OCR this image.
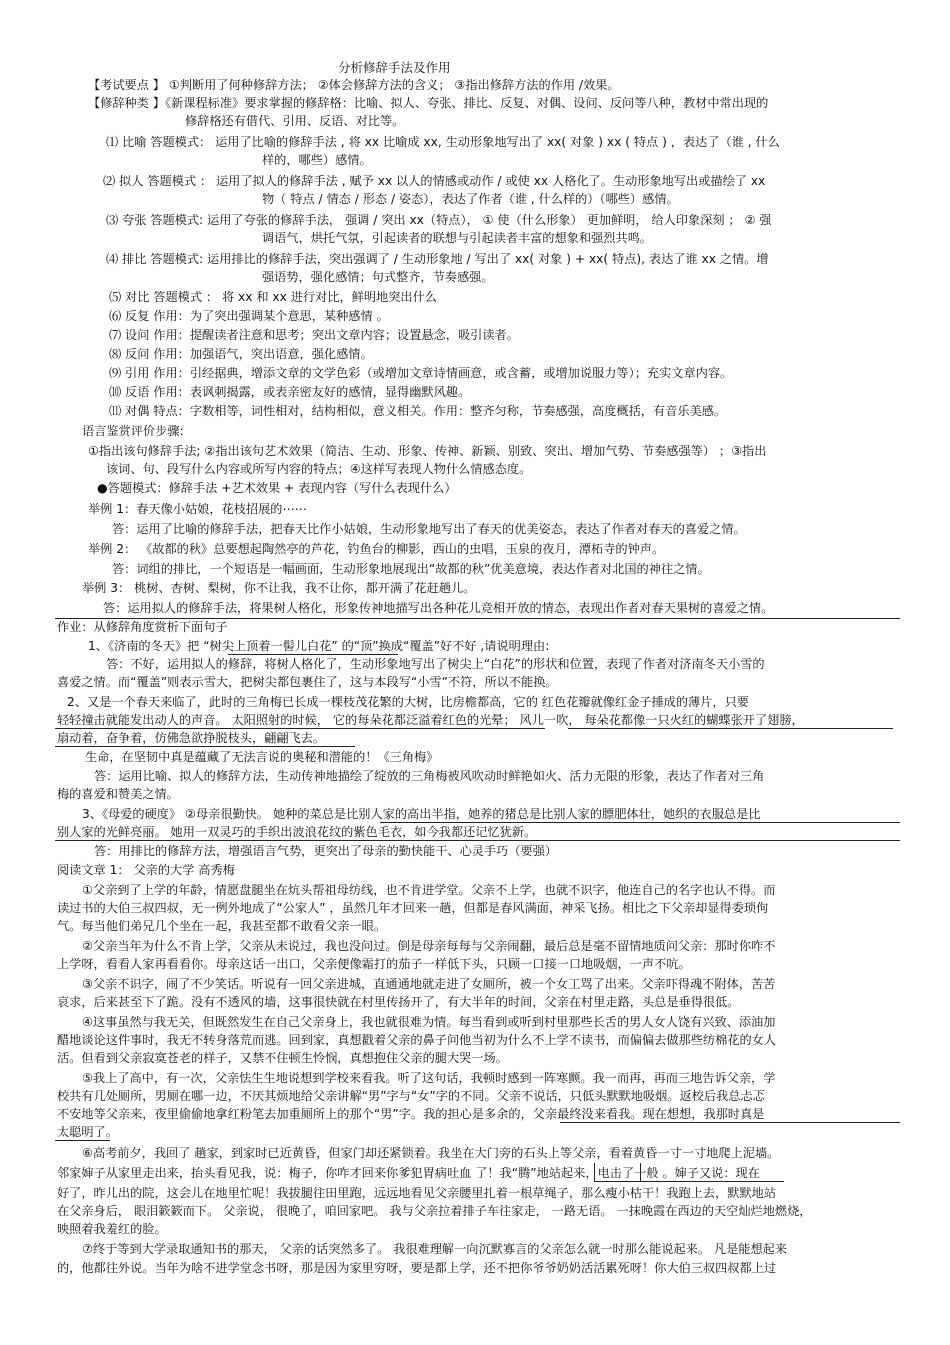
分析修辞手法及作用
【考试要点 】 ①判断用了何种修辞方法； ②体会修辞方法的含义； ③指出修辞方法的作用 /效果。
【修辞种类 】《新课程标准》要求掌握的修辞格：比喻、拟人、夸张、排比、反复、对偶、设问、反问等八种，教材中常出现的
修辞格还有借代、引用、反语、对比等。
⑴ 比喻 答题模式： 运用了比喻的修辞手法 , 将 xx 比喻成 xx, 生动形象地写出了 xx( 对象 ) xx ( 特点 ) ，表达了（谁 , 什么
样的，哪些）感情。
⑵ 拟人 答题模式 ： 运用了拟人的修辞手法 , 赋予 xx 以人的情感或动作 / 或使 xx 人格化了。生动形象地写出或描绘了 xx
物（ 特点 / 情态 / 形态 / 姿态），表达了作者（谁 , 什么样的）（哪些）感情。
⑶ 夸张 答题模式: 运用了夸张的修辞手法， 强调 / 突出 xx（特点）， ① 使（什么形象） 更加鲜明， 给人印象深刻 ； ② 强
调语气，烘托气氛，引起读者的联想与引起读者丰富的想象和强烈共鸣。
⑷ 排比 答题模式: 运用排比的修辞手法，突出强调了 / 生动形象地 / 写出了 xx( 对象 ) + xx( 特点), 表达了谁 xx 之情。增
强语势，强化感情；句式整齐，节奏感强。
⑸ 对比 答题模式 ： 将 xx 和 xx 进行对比，鲜明地突出什么
⑹ 反复 作用：为了突出强调某个意思，某种感情 。
⑺ 设问 作用：提醒读者注意和思考；突出文章内容；设置悬念，吸引读者。
⑻ 反问 作用：加强语气，突出语意，强化感情。
⑼ 引用 作用：引经据典，增添文章的文学色彩（或增加文章诗情画意，或含蓄，或增加说服力等）；充实文章内容。
⑽ 反语 作用：表讽刺揭露，或表亲密友好的感情，显得幽默风趣。
⑾ 对偶 特点：字数相等，词性相对，结构相似，意义相关。作用：整齐匀称，节奏感强，高度概括，有音乐美感。
语言鉴赏评价步骤:
①指出该句修辞手法; ②指出该句艺术效果（简洁、生动、形象、传神、新颖、别致、突出、增加气势、节奏感强等） ；③指出
该词、句、段写什么内容或所写内容的特点；④这样写表现人物什么情感态度。
●答题模式：修辞手法 +艺术效果 + 表现内容（写什么表现什么）
举例 1：春天像小姑娘，花枝招展的⋯⋯
答：运用了比喻的修辞手法，把春天比作小姑娘，生动形象地写出了春天的优美姿态，表达了作者对春天的喜爱之情。
举例 2： 《故都的秋》总要想起陶然亭的芦花，钓鱼台的柳影，西山的虫唱，玉泉的夜月，潭柘寺的钟声。
答：词组的排比，一个短语是一幅画面，生动形象地展现出“故都的秋”优美意境，表达作者对北国的神往之情。
举例 3： 桃树、杏树、梨树，你不让我，我不让你，都开满了花赶趟儿。
答：运用拟人的修辞手法，将果树人格化，形象传神地描写出各种花儿竞相开放的情态，表现出作者对春天果树的喜爱之情。
作业：从修辞角度赏析下面句子
1、《济南的冬天》把 “树尖上顶着一髻儿白花” 的“顶”换成“覆盖”好不好 ,请说明理由:
答：不好，运用拟人的修辞，将树人格化了，生动形象地写出了树尖上“白花”的形状和位置，表现了作者对济南冬天小雪的
喜爱之情。而“覆盖”则表示雪大，把树尖都包裹住了，这与本段写“小雪”不符，所以不能换。
2、又是一个春天来临了，此时的三角梅已长成一棵枝茂花繁的大树，比房檐都高，它的 红色花瓣就像红金子捶成的薄片，只要
轻轻撞击就能发出动人的声音。 太阳照射的时候， 它的每朵花都泛溢着红色的光晕； 风儿一吹， 每朵花都像一只火红的蝴蝶张开了翅膀，
扇动着，奋争着，仿佛急欲挣脱枝头，翩翩飞去。
生命，在坚韧中真是蕴藏了无法言说的奥秘和潜能的！《三角梅》
答：运用比喻、拟人的修辞方法，生动传神地描绘了绽放的三角梅被风吹动时鲜艳如火、活力无限的形象，表达了作者对三角
梅的喜爱和赞美之情。
3、《母爱的硬度》 ②母亲很勤快。 她种的菜总是比别人家的高出半指，她养的猪总是比别人家的膘肥体壮，她织的衣服总是比
别人家的光鲜亮丽。 她用一双灵巧的手织出波浪花纹的紫色毛衣，如今我都还记忆犹新。
答：用排比的修辞方法，增强语言气势，更突出了母亲的勤快能干、心灵手巧（要强）
阅读文章 1： 父亲的大学 高秀梅
①父亲到了上学的年龄，情愿盘腿坐在炕头帮祖母纺线，也不肯进学堂。父亲不上学，也就不识字，他连自己的名字也认不得。而
读过书的大伯三叔四叔，无一例外地成了“公家人” ，虽然几年才回来一趟，但都是春风满面，神采飞扬。相比之下父亲却显得委琐佝
气。每当他们弟兄几个坐在一起，我甚至都不敢看父亲一眼。
②父亲当年为什么不肯上学，父亲从未说过，我也没问过。倒是母亲每每与父亲闹翻，最后总是毫不留情地质问父亲：那时你咋不
上学呀，看看人家再看看你。母亲这话一出口，父亲便像霜打的茄子一样低下头，只顾一口接一口地吸烟，一声不吭。
③父亲不识字，闹了不少笑话。听说有一回父亲进城，直通通地就走进了女厕所，被一个女工骂了出来。父亲吓得魂不附体，苦苦
哀求，后来甚至下了跪。没有不透风的墙，这事很快就在村里传扬开了，有大半年的时间，父亲在村里走路，头总是垂得很低。
④这事虽然与我无关，但既然发生在自己父亲身上，我也就很难为情。每当看到或听到村里那些长舌的男人女人饶有兴致、添油加
醋地谈论这件事时，我无不转身落荒而逃。回到家，真想戳着父亲的鼻子问他当初为什么不上学不读书，而偏偏去做那些纺棉花的女人
活。但看到父亲寂寞苍老的样子，又禁不住顿生怜悯，真想抱住父亲的腿大哭一场。
⑤我上了高中，有一次，父亲怯生生地说想到学校来看我。听了这句话，我顿时感到一阵寒颤。我一而再，再而三地告诉父亲，学
校共有几处厕所，男厕在哪一边，不厌其烦地给父亲讲解“男”字与“女”字的不同。父亲不说话，只低头默默地吸烟。返校后我总忐忑
不安地等父亲来，夜里偷偷地拿红粉笔去加重厕所上的那个“男”字。我的担心是多余的，父亲最终没来看我。现在想想，我那时真是
太聪明了。
⑥高考前夕，我回了 趟家，到家时已近黄昏，但家门却还紧锁着。我坐在大门旁的石头上等父亲，看着黄昏一寸一寸地爬上泥墙。
邻家婶子从家里走出来，抬头看见我，说：梅子，你咋才回来你爹犯胃病吐血 了！我“腾”地站起来，电击了一般 。婶子又说：现在
好了，昨儿出的院，这会儿在地里忙呢！我拔腿往田里跑，远远地看见父亲腰里扎着一根草绳子，那么瘦小枯干！我跑上去，默默地站
在父亲身后， 眼泪簌簌而下。 父亲说， 很晚了，咱回家吧。 我与父亲拉着排子车往家走， 一路无语。 一抹晚霞在西边的天空灿烂地燃烧，
映照着我羞红的脸。
⑦终于等到大学录取通知书的那天， 父亲的话突然多了。 我很难理解一向沉默寡言的父亲怎么就一时那么能说起来。 凡是能想起来
的，他都往外说。当年为啥不进学堂念书呀，那是因为家里穷呀，要是都上学，还不把你爷爷奶奶活活累死呀！你大伯三叔四叔都上过
